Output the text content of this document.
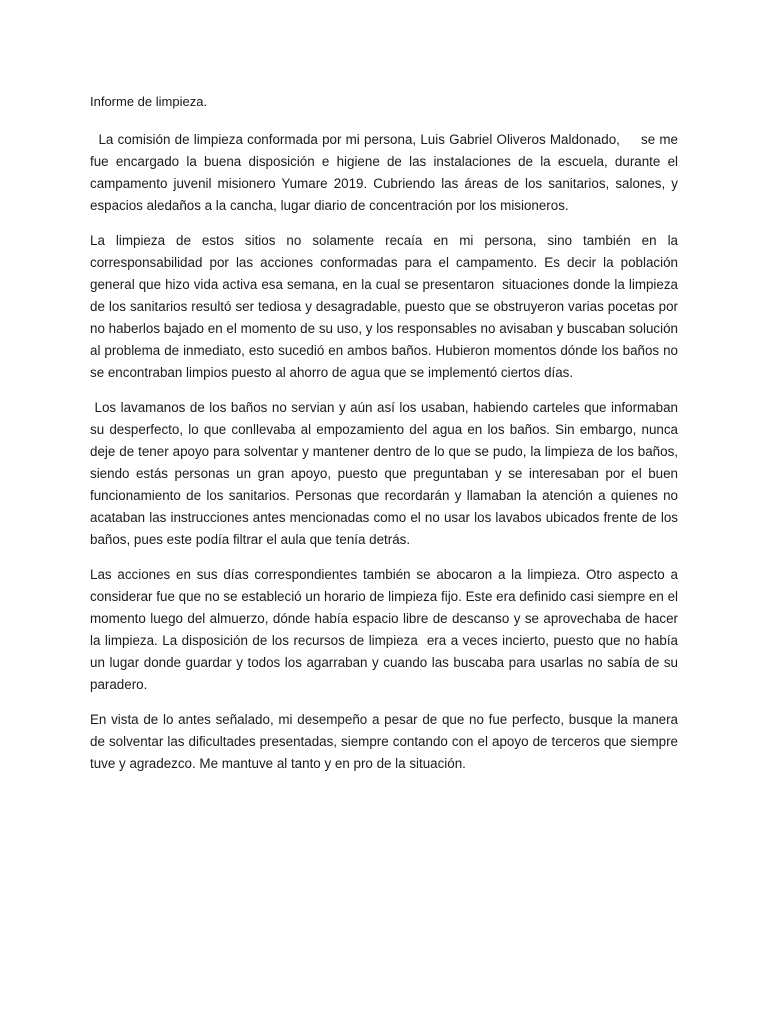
Informe de limpieza.

La comisión de limpieza conformada por mi persona, Luis Gabriel Oliveros Maldonado,     se me fue encargado la buena disposición e higiene de las instalaciones de la escuela, durante el campamento juvenil misionero Yumare 2019. Cubriendo las áreas de los sanitarios, salones, y espacios aledaños a la cancha, lugar diario de concentración por los misioneros.

La limpieza de estos sitios no solamente recaía en mi persona, sino también en la corresponsabilidad por las acciones conformadas para el campamento. Es decir la población general que hizo vida activa esa semana, en la cual se presentaron  situaciones donde la limpieza de los sanitarios resultó ser tediosa y desagradable, puesto que se obstruyeron varias pocetas por no haberlos bajado en el momento de su uso, y los responsables no avisaban y buscaban solución al problema de inmediato, esto sucedió en ambos baños. Hubieron momentos dónde los baños no se encontraban limpios puesto al ahorro de agua que se implementó ciertos días.

Los lavamanos de los baños no servian y aún así los usaban, habiendo carteles que informaban su desperfecto, lo que conllevaba al empozamiento del agua en los baños. Sin embargo, nunca deje de tener apoyo para solventar y mantener dentro de lo que se pudo, la limpieza de los baños, siendo estás personas un gran apoyo, puesto que preguntaban y se interesaban por el buen funcionamiento de los sanitarios. Personas que recordarán y llamaban la atención a quienes no acataban las instrucciones antes mencionadas como el no usar los lavabos ubicados frente de los baños, pues este podía filtrar el aula que tenía detrás.

Las acciones en sus días correspondientes también se abocaron a la limpieza. Otro aspecto a considerar fue que no se estableció un horario de limpieza fijo. Este era definido casi siempre en el momento luego del almuerzo, dónde había espacio libre de descanso y se aprovechaba de hacer la limpieza. La disposición de los recursos de limpieza  era a veces incierto, puesto que no había un lugar donde guardar y todos los agarraban y cuando las buscaba para usarlas no sabía de su paradero.

En vista de lo antes señalado, mi desempeño a pesar de que no fue perfecto, busque la manera de solventar las dificultades presentadas, siempre contando con el apoyo de terceros que siempre tuve y agradezco. Me mantuve al tanto y en pro de la situación.
